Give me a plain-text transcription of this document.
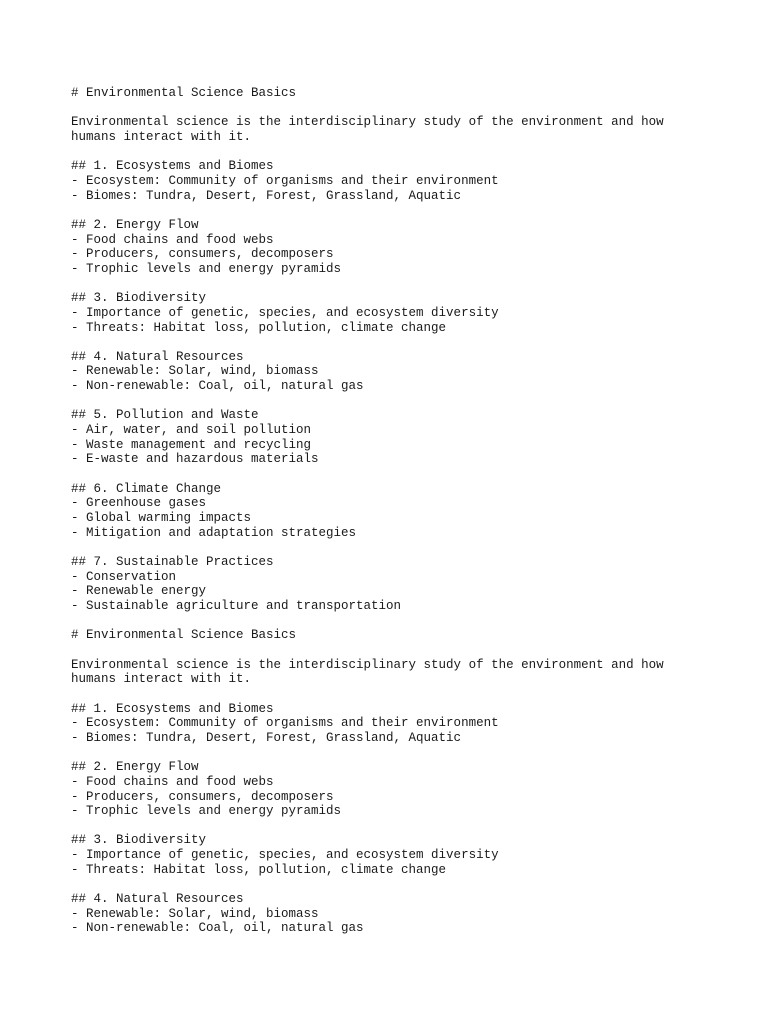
# Environmental Science Basics
Environmental science is the interdisciplinary study of the environment and how
humans interact with it.
## 1. Ecosystems and Biomes
- Ecosystem: Community of organisms and their environment
- Biomes: Tundra, Desert, Forest, Grassland, Aquatic
## 2. Energy Flow
- Food chains and food webs
- Producers, consumers, decomposers
- Trophic levels and energy pyramids
## 3. Biodiversity
- Importance of genetic, species, and ecosystem diversity
- Threats: Habitat loss, pollution, climate change
## 4. Natural Resources
- Renewable: Solar, wind, biomass
- Non-renewable: Coal, oil, natural gas
## 5. Pollution and Waste
- Air, water, and soil pollution
- Waste management and recycling
- E-waste and hazardous materials
## 6. Climate Change
- Greenhouse gases
- Global warming impacts
- Mitigation and adaptation strategies
## 7. Sustainable Practices
- Conservation
- Renewable energy
- Sustainable agriculture and transportation
# Environmental Science Basics
Environmental science is the interdisciplinary study of the environment and how
humans interact with it.
## 1. Ecosystems and Biomes
- Ecosystem: Community of organisms and their environment
- Biomes: Tundra, Desert, Forest, Grassland, Aquatic
## 2. Energy Flow
- Food chains and food webs
- Producers, consumers, decomposers
- Trophic levels and energy pyramids
## 3. Biodiversity
- Importance of genetic, species, and ecosystem diversity
- Threats: Habitat loss, pollution, climate change
## 4. Natural Resources
- Renewable: Solar, wind, biomass
- Non-renewable: Coal, oil, natural gas
